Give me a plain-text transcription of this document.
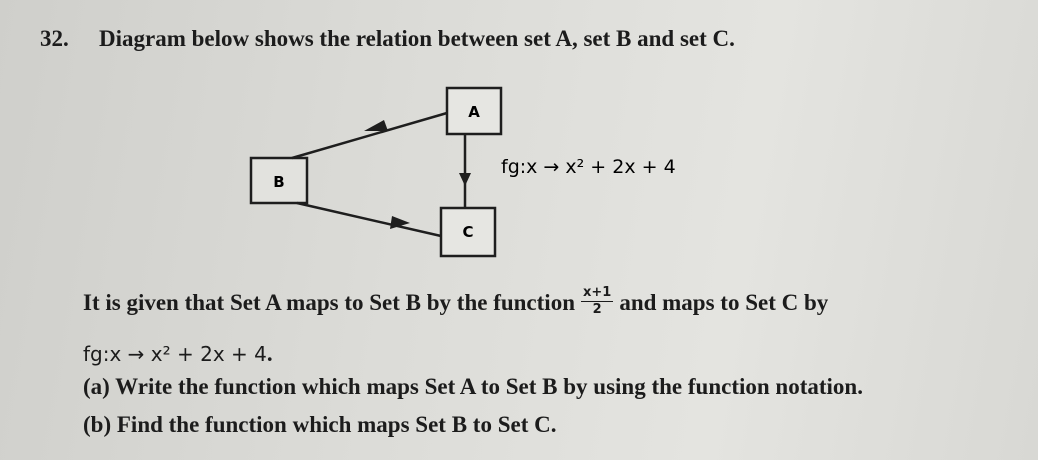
32. Diagram below shows the relation between set A, set B and set C.
A
B
C
fg:x → x² + 2x + 4
It is given that Set A maps to Set B by the function $\frac{x+1}{2}$ and maps to Set C by
fg:x → x² + 2x + 4.
(a) Write the function which maps Set A to Set B by using the function notation.
(b) Find the function which maps Set B to Set C.
